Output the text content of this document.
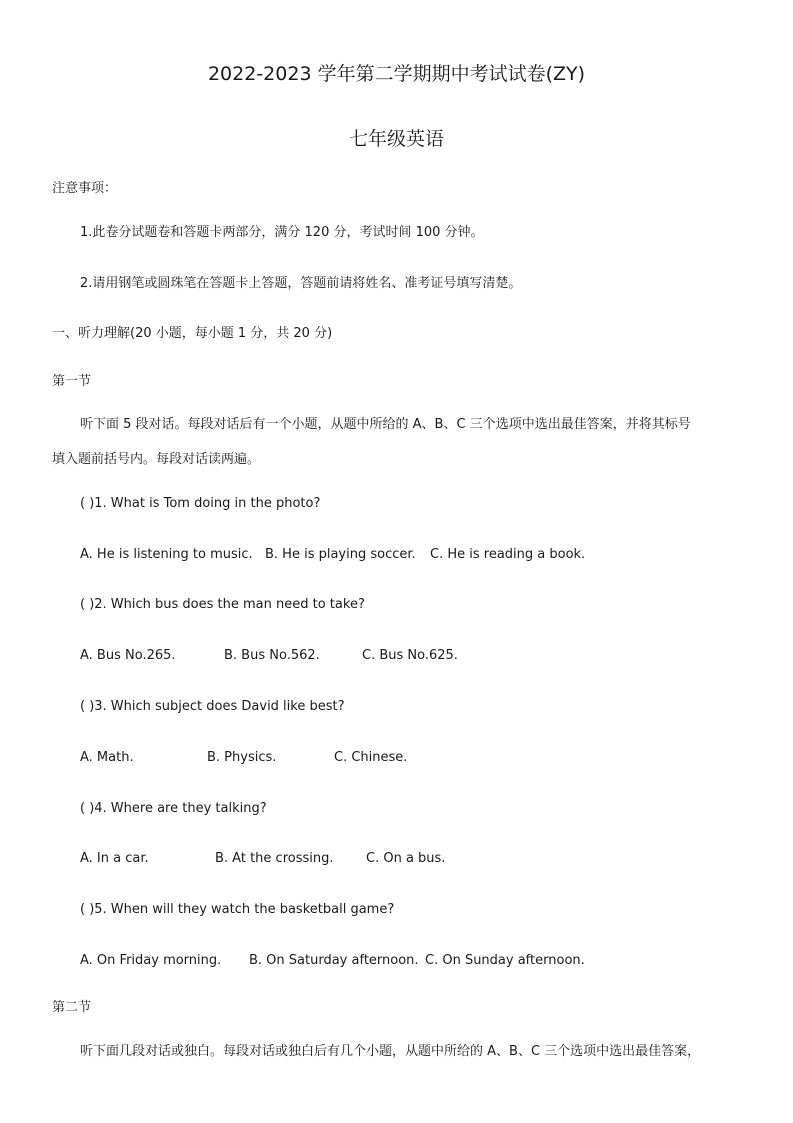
2022-2023 学年第二学期期中考试试卷(ZY)
七年级英语
注意事项：
1.此卷分试题卷和答题卡两部分，满分 120 分，考试时间 100 分钟。
2.请用钢笔或圆珠笔在答题卡上答题，答题前请将姓名、准考证号填写清楚。
一、听力理解(20 小题，每小题 1 分，共 20 分)
第一节
听下面 5 段对话。每段对话后有一个小题，从题中所给的 A、B、C 三个选项中选出最佳答案，并将其标号
填入题前括号内。每段对话读两遍。
( )1. What is Tom doing in the photo?
A. He is listening to music. B. He is playing soccer. C. He is reading a book.
( )2. Which bus does the man need to take?
A. Bus No.265.	B. Bus No.562.	C. Bus No.625.
( )3. Which subject does David like best?
A. Math.	B. Physics.	C. Chinese.
( )4. Where are they talking?
A. In a car.	B. At the crossing.	C. On a bus.
( )5. When will they watch the basketball game?
A. On Friday morning. B. On Saturday afternoon. C. On Sunday afternoon.
第二节
听下面几段对话或独白。每段对话或独白后有几个小题，从题中所给的 A、B、C 三个选项中选出最佳答案，
